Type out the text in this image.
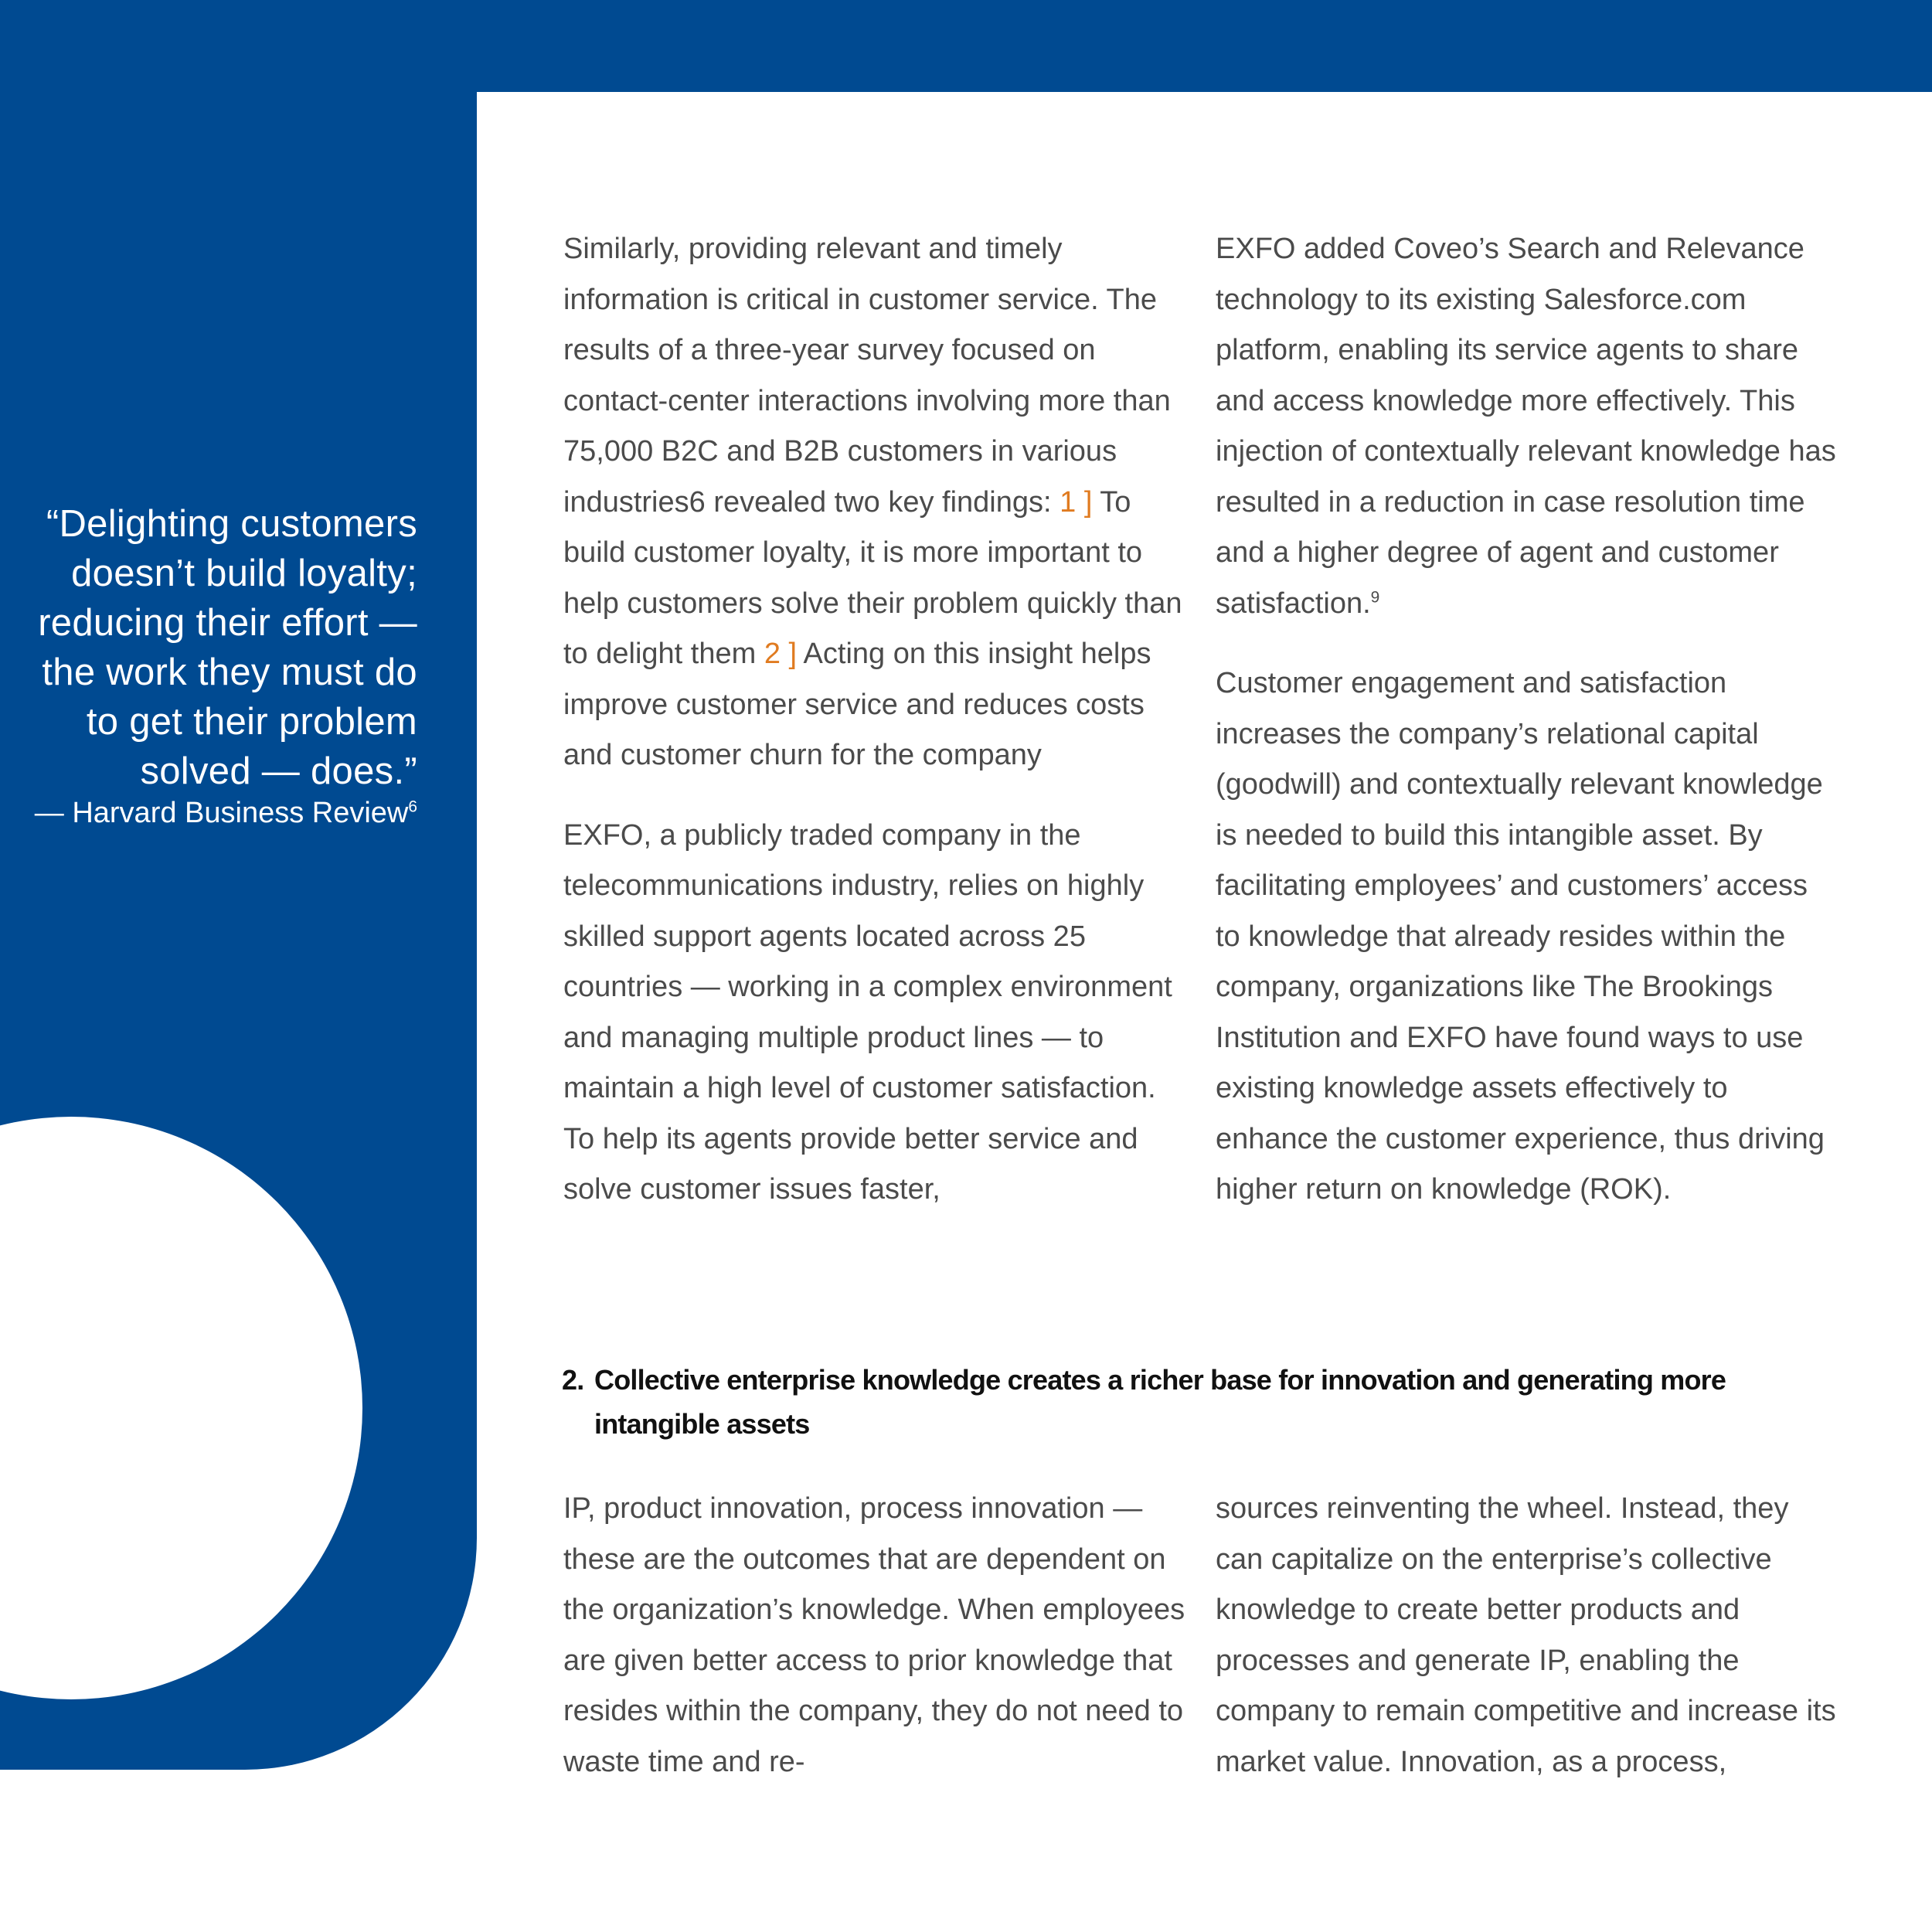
“Delighting customers doesn’t build loyalty; reducing their effort — the work they must do to get their problem solved — does.”
— Harvard Business Review$^6$

Similarly, providing relevant and timely information is critical in customer service. The results of a three-year survey focused on contact-center interactions involving more than 75,000 B2C and B2B customers in various industries6 revealed two key findings: 1 ] To build customer loyalty, it is more important to help customers solve their problem quickly than to delight them 2 ] Acting on this insight helps improve customer service and reduces costs and customer churn for the company

EXFO, a publicly traded company in the telecommunications industry, relies on highly skilled support agents located across 25 countries — working in a complex environment and managing multiple product lines — to maintain a high level of customer satisfaction. To help its agents provide better service and solve customer issues faster,

EXFO added Coveo’s Search and Relevance technology to its existing Salesforce.com platform, enabling its service agents to share and access knowledge more effectively. This injection of contextually relevant knowledge has resulted in a reduction in case resolution time and a higher degree of agent and customer satisfaction.$^9$

Customer engagement and satisfaction increases the company’s relational capital (goodwill) and contextually relevant knowledge is needed to build this intangible asset. By facilitating employees’ and customers’ access to knowledge that already resides within the company, organizations like The Brookings Institution and EXFO have found ways to use existing knowledge assets effectively to enhance the customer experience, thus driving higher return on knowledge (ROK).

2. Collective enterprise knowledge creates a richer base for innovation and generating more intangible assets

IP, product innovation, process innovation — these are the outcomes that are dependent on the organization’s knowledge. When employees are given better access to prior knowledge that resides within the company, they do not need to waste time and re-

sources reinventing the wheel. Instead, they can capitalize on the enterprise’s collective knowledge to create better products and processes and generate IP, enabling the company to remain competitive and increase its market value. Innovation, as a process,
